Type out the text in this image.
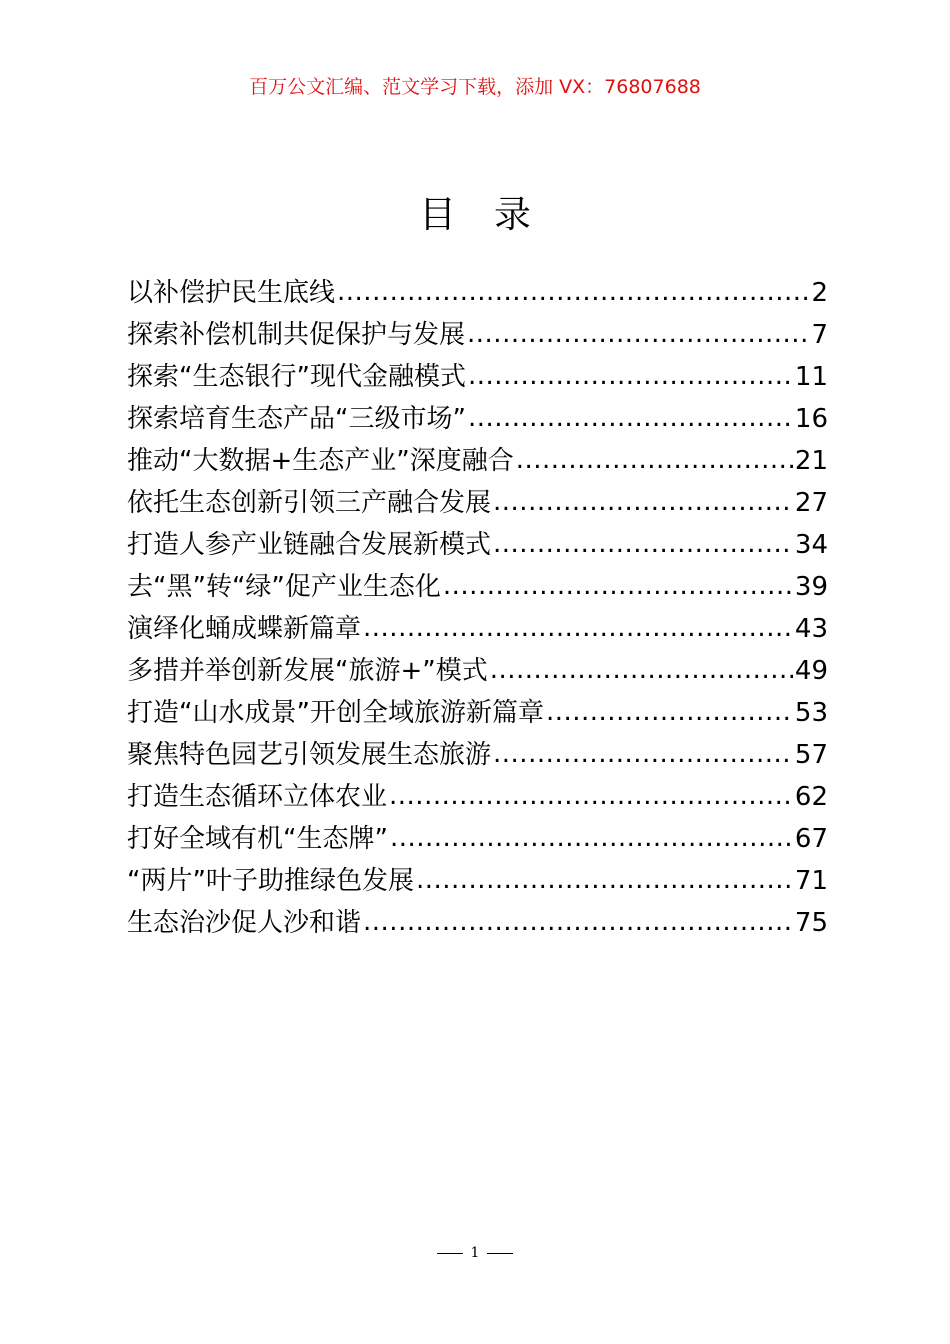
百万公文汇编、范文学习下载，添加 VX：76807688
目录
以补偿护民生底线 .....	2
探索补偿机制共促保护与发展 .....	7
探索“生态银行”现代金融模式 .....	11
探索培育生态产品“三级市场” .....	16
推动“大数据+生态产业”深度融合 .....	21
依托生态创新引领三产融合发展 .....	27
打造人参产业链融合发展新模式 .....	34
去“黑”转“绿”促产业生态化 .....	39
演绎化蛹成蝶新篇章 .....	43
多措并举创新发展“旅游+”模式 .....	49
打造“山水成景”开创全域旅游新篇章 .....	53
聚焦特色园艺引领发展生态旅游 .....	57
打造生态循环立体农业 .....	62
打好全域有机“生态牌” .....	67
“两片”叶子助推绿色发展 .....	71
生态治沙促人沙和谐 .....	75
1
